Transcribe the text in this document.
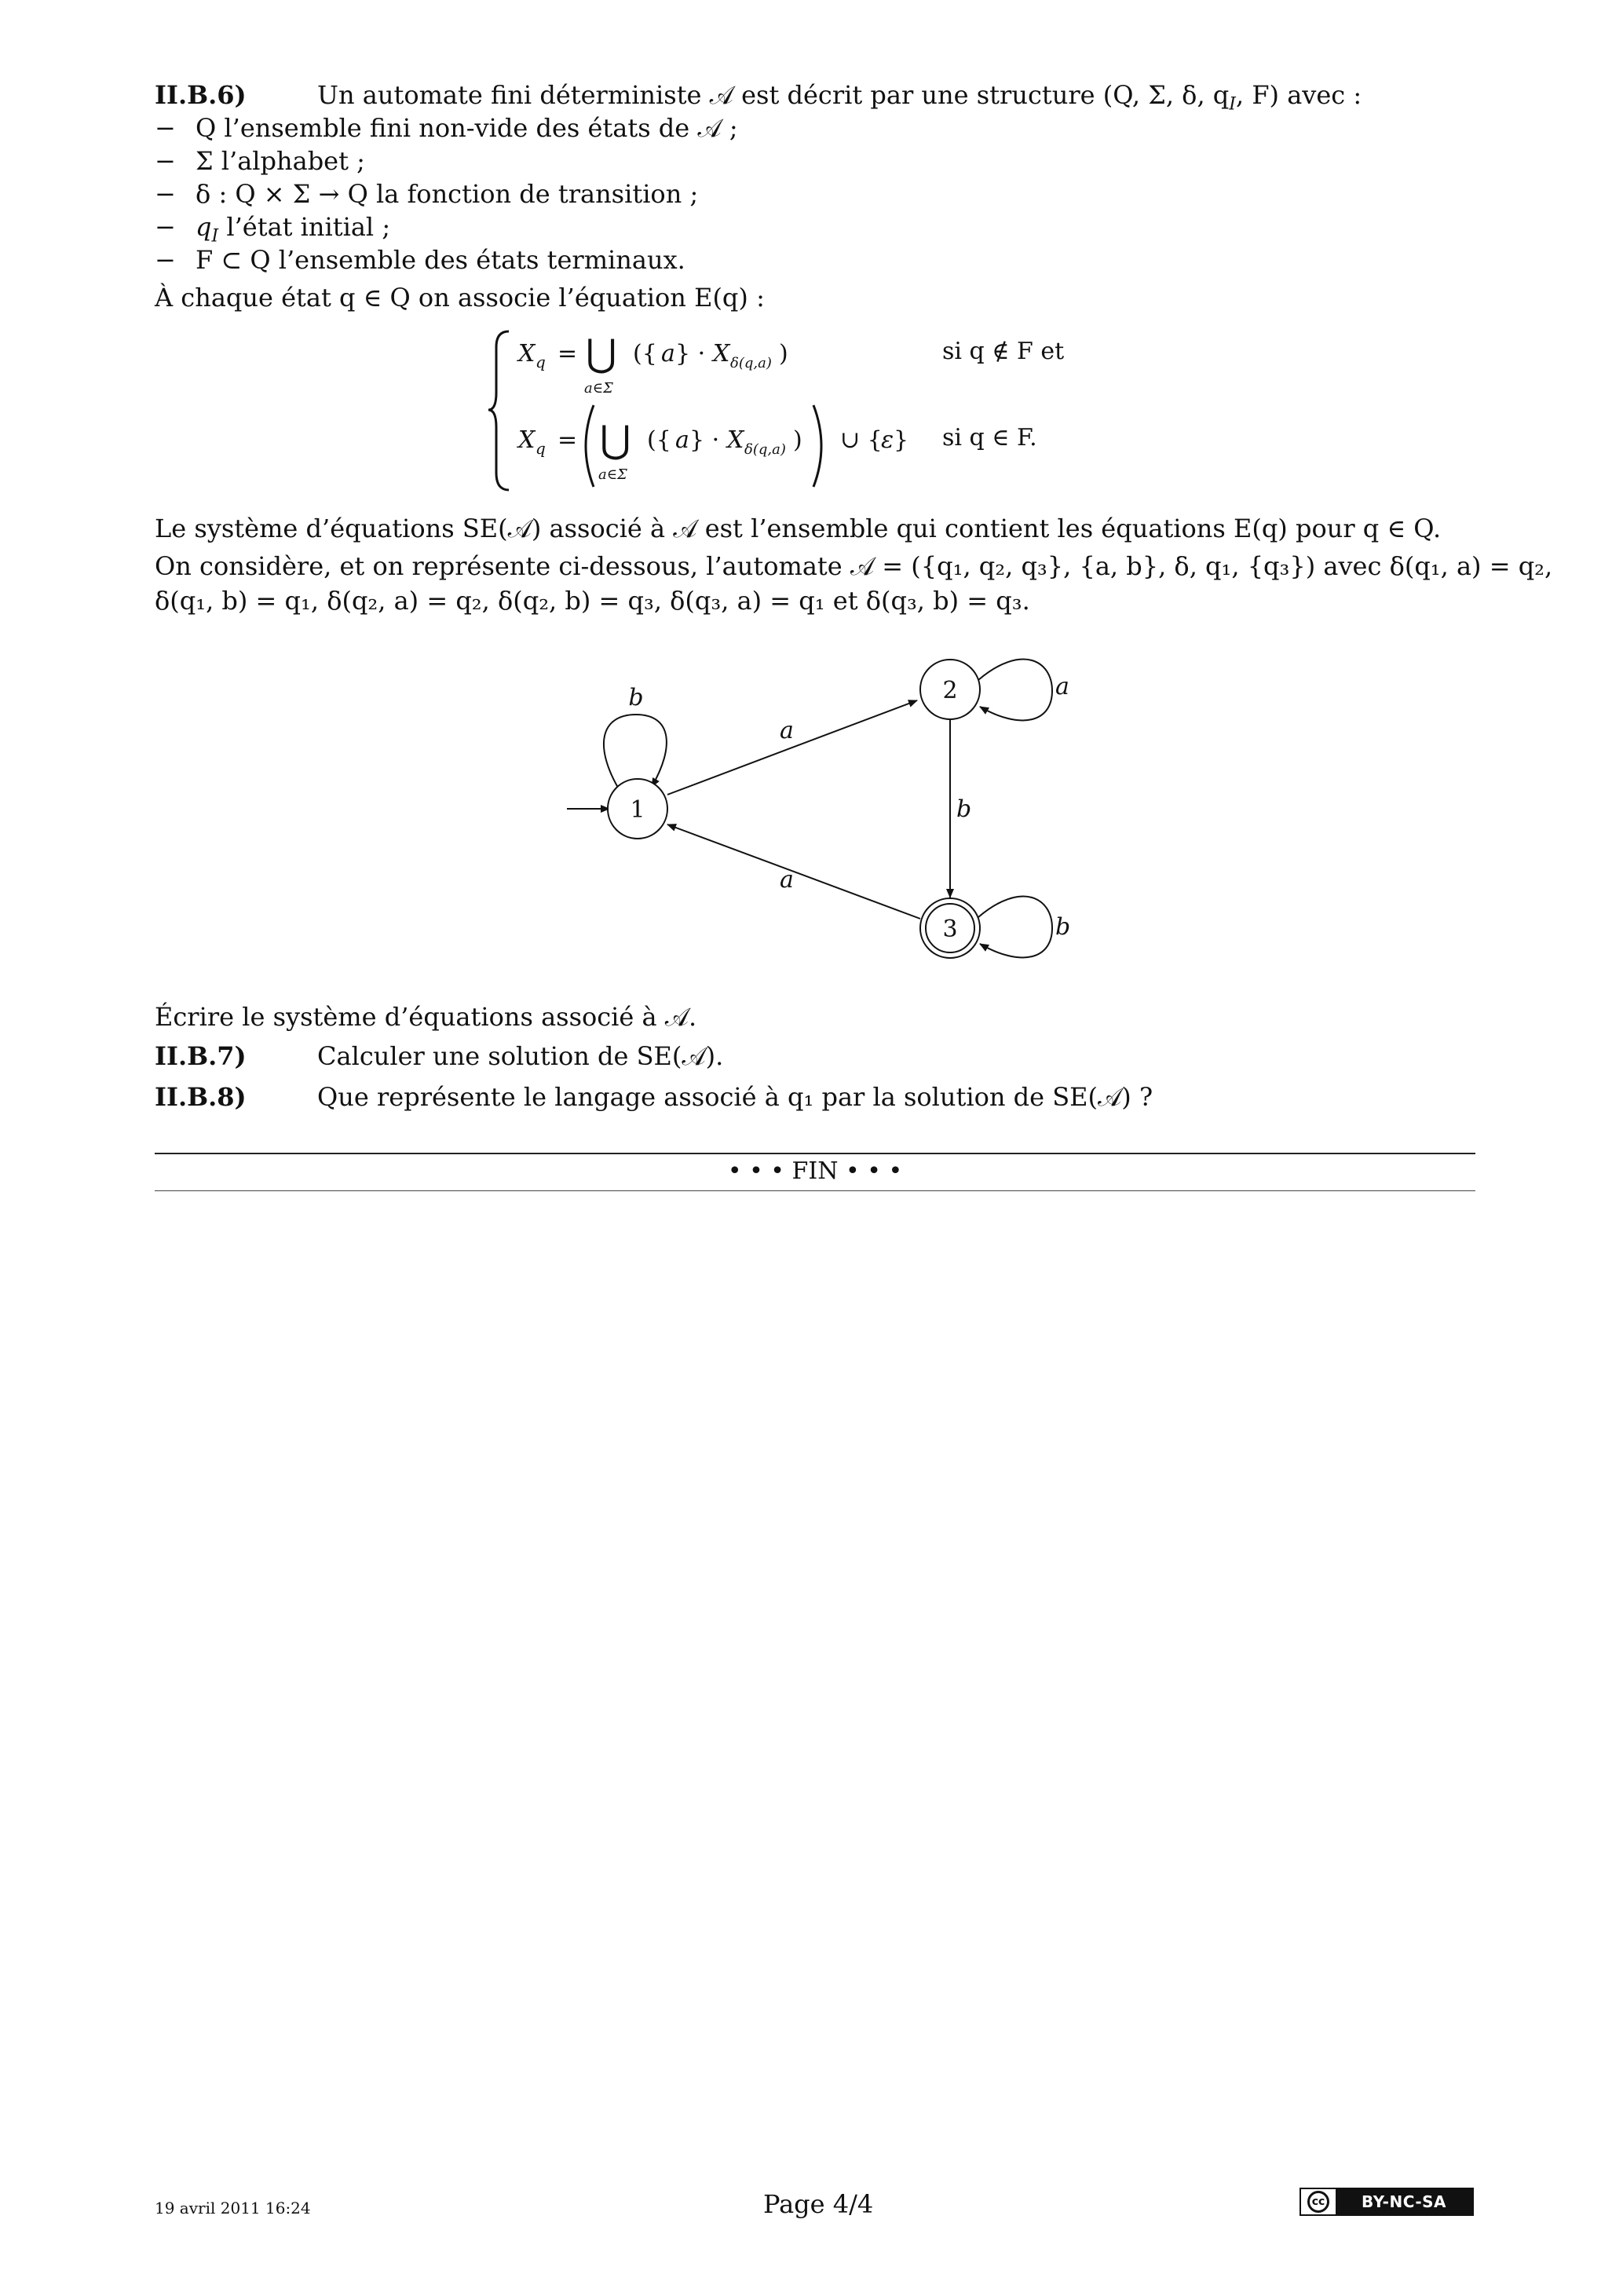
II.B.6)	Un automate fini déterministe 𝒜 est décrit par une structure (Q, Σ, δ, $q_I$, F) avec :
− Q l’ensemble fini non-vide des états de 𝒜 ;
− Σ l’alphabet ;
− δ : Q × Σ → Q la fonction de transition ;
− $q_I$ l’état initial ;
− F ⊂ Q l’ensemble des états terminaux.
À chaque état q ∈ Q on associe l’équation E(q) :
X q = ⋃
a∈Σ
({ a } · X δ(q,a) )
X q = ⋃
a∈Σ
({ a } · X δ(q,a) ) ∪ {
ε }
si q ∉ F et
si q ∈ F.
Le système d’équations SE(𝒜) associé à 𝒜 est l’ensemble qui contient les équations E(q) pour q ∈ Q.
On considère, et on représente ci-dessous, l’automate 𝒜 = ({q₁, q₂, q₃}, {a, b}, δ, q₁, {q₃}) avec δ(q₁, a) = q₂,
δ(q₁, b) = q₁, δ(q₂, a) = q₂, δ(q₂, b) = q₃, δ(q₃, a) = q₁ et δ(q₃, b) = q₃.
1
2
3
b
a
a
b
a
b
Écrire le système d’équations associé à 𝒜.
II.B.7)	Calculer une solution de SE(𝒜).
II.B.8)	Que représente le langage associé à q₁ par la solution de SE(𝒜) ?
• • • FIN • • •
19 avril 2011 16:24	Page 4/4	cc	BY-NC-SA
